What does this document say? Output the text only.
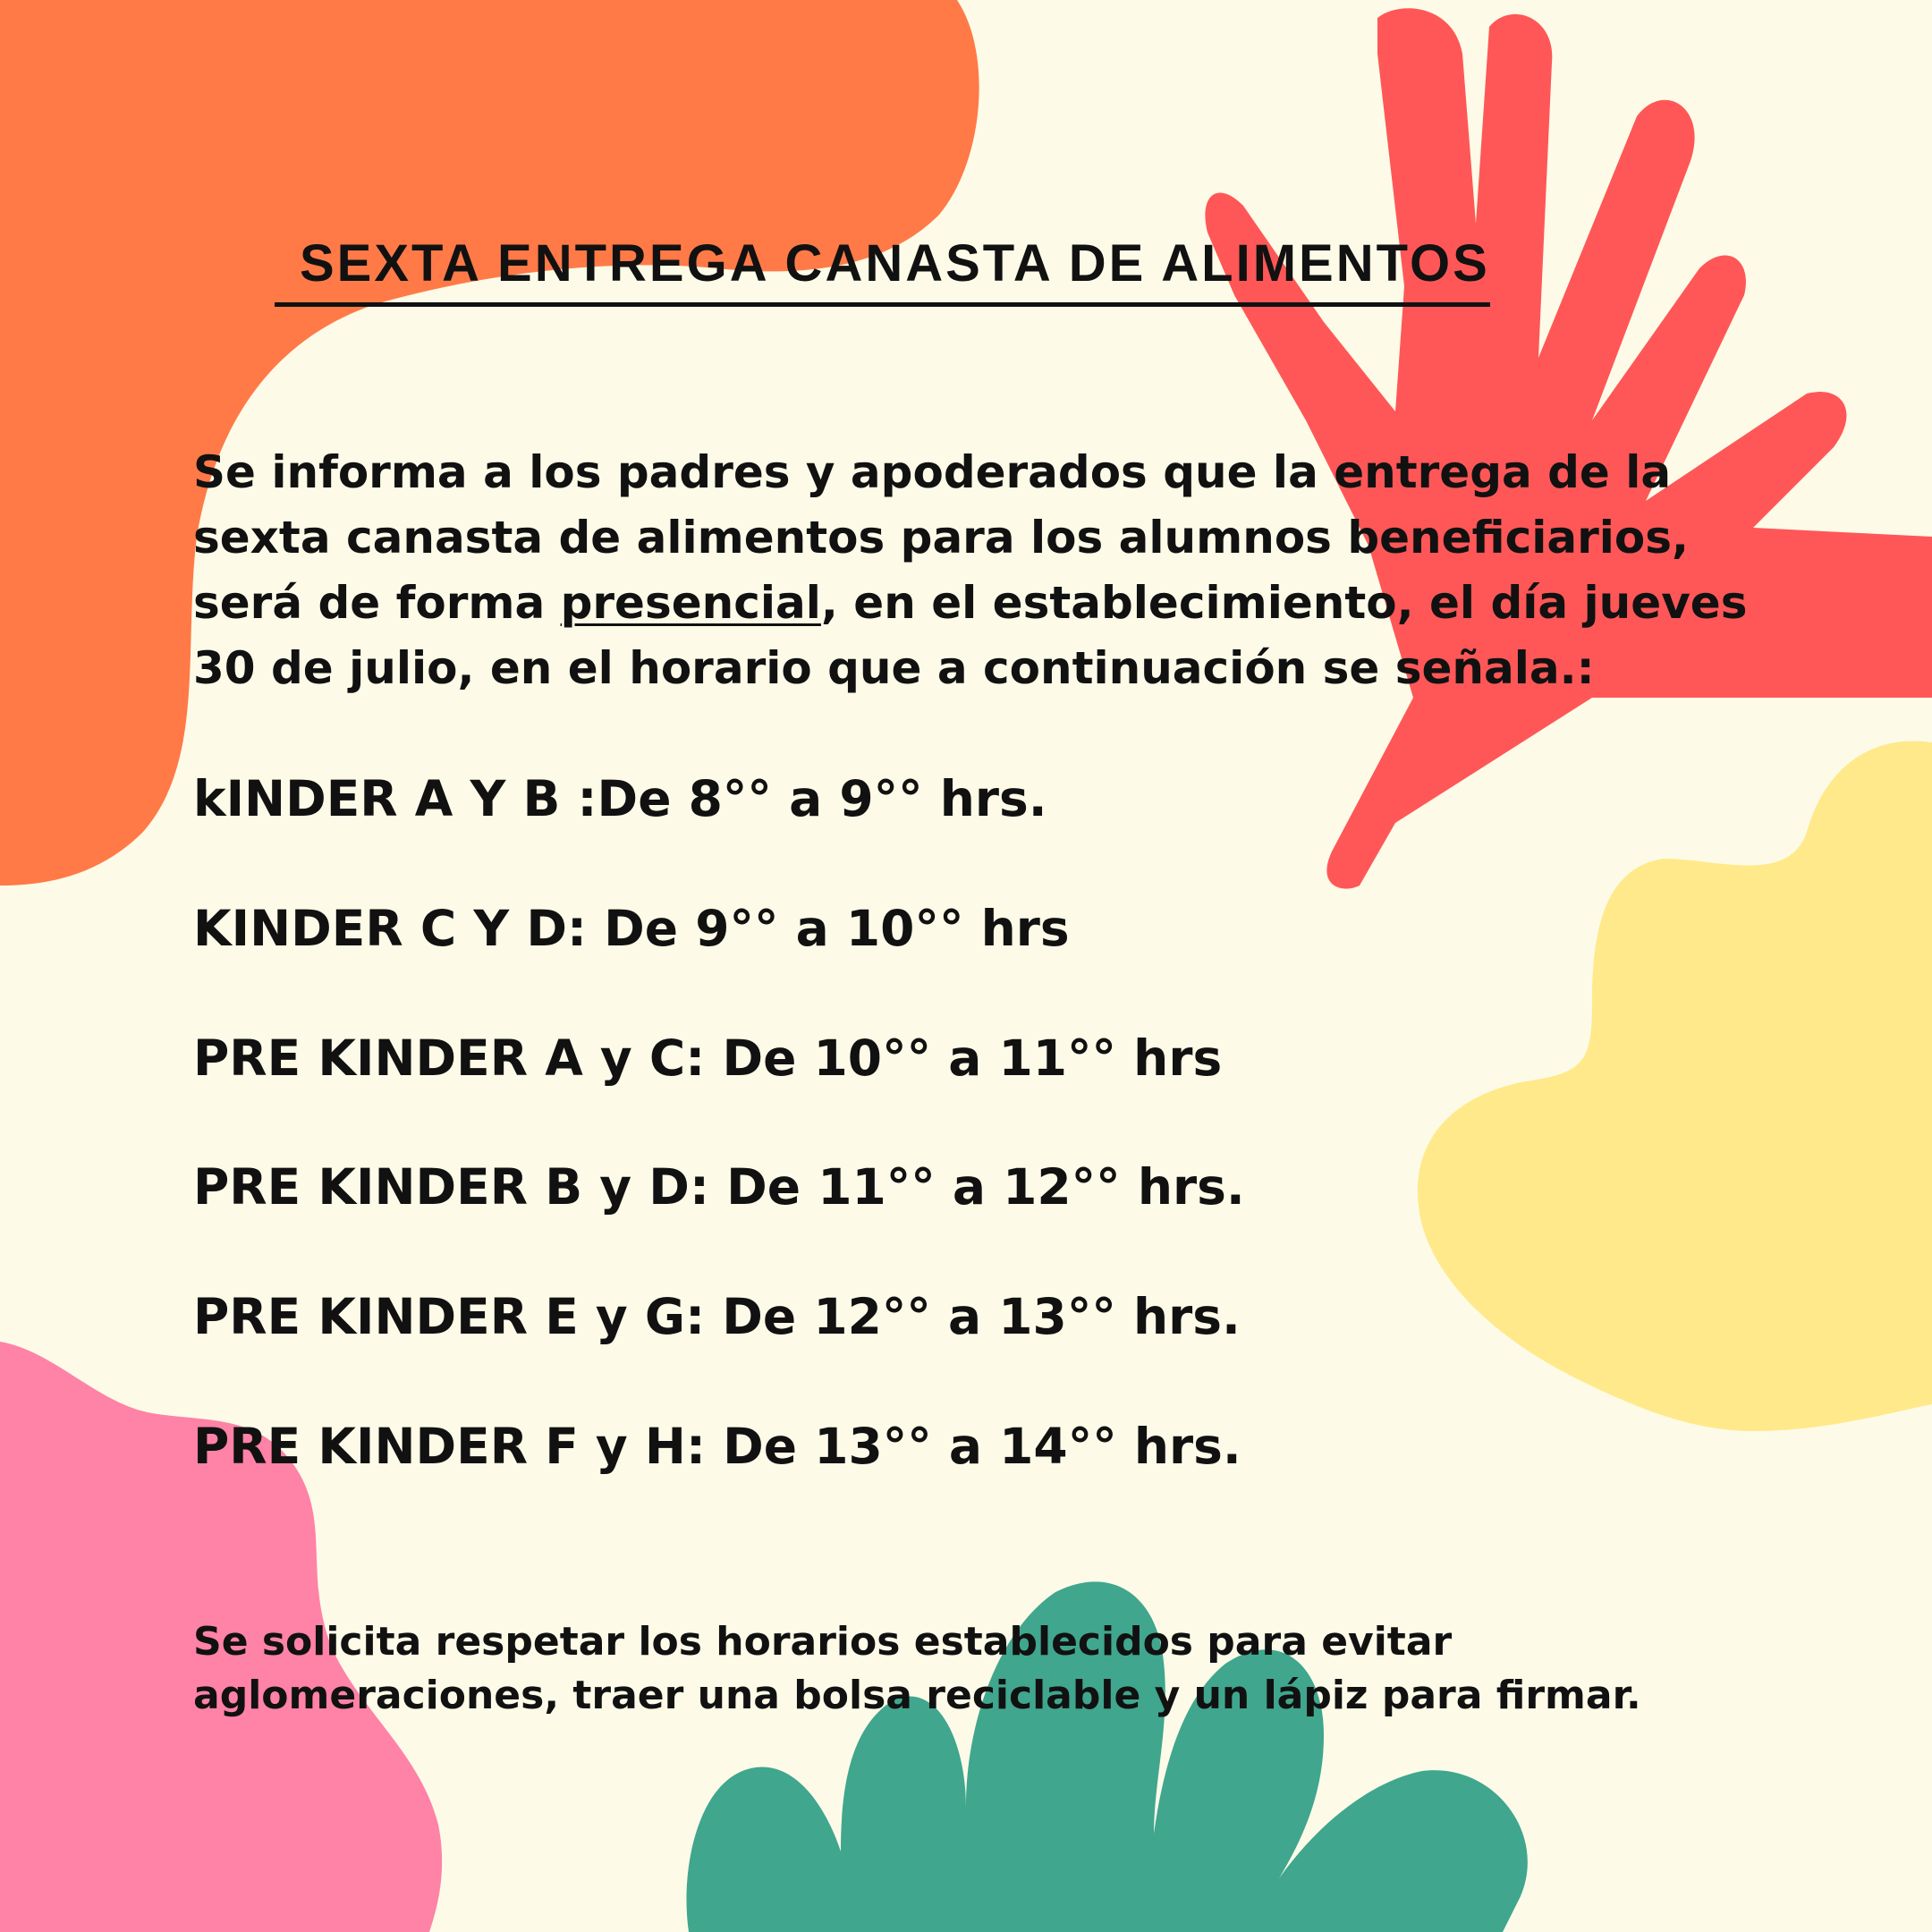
SEXTA ENTREGA CANASTA DE ALIMENTOS

Se informa a los padres y apoderados que la entrega de la

sexta canasta de alimentos para los alumnos beneficiarios,

será de forma presencial, en el establecimiento, el día jueves

30 de julio, en el horario que a continuación se señala.:

kINDER A Y B :De 8°° a 9°° hrs.
KINDER C Y D: De 9°° a 10°° hrs
PRE KINDER A y C: De 10°° a 11°° hrs
PRE KINDER B y D: De 11°° a 12°° hrs.
PRE KINDER E y G: De 12°° a 13°° hrs.
PRE KINDER F y H: De 13°° a 14°° hrs.

Se solicita respetar los horarios establecidos para evitar

aglomeraciones, traer una bolsa reciclable y un lápiz para firmar.
